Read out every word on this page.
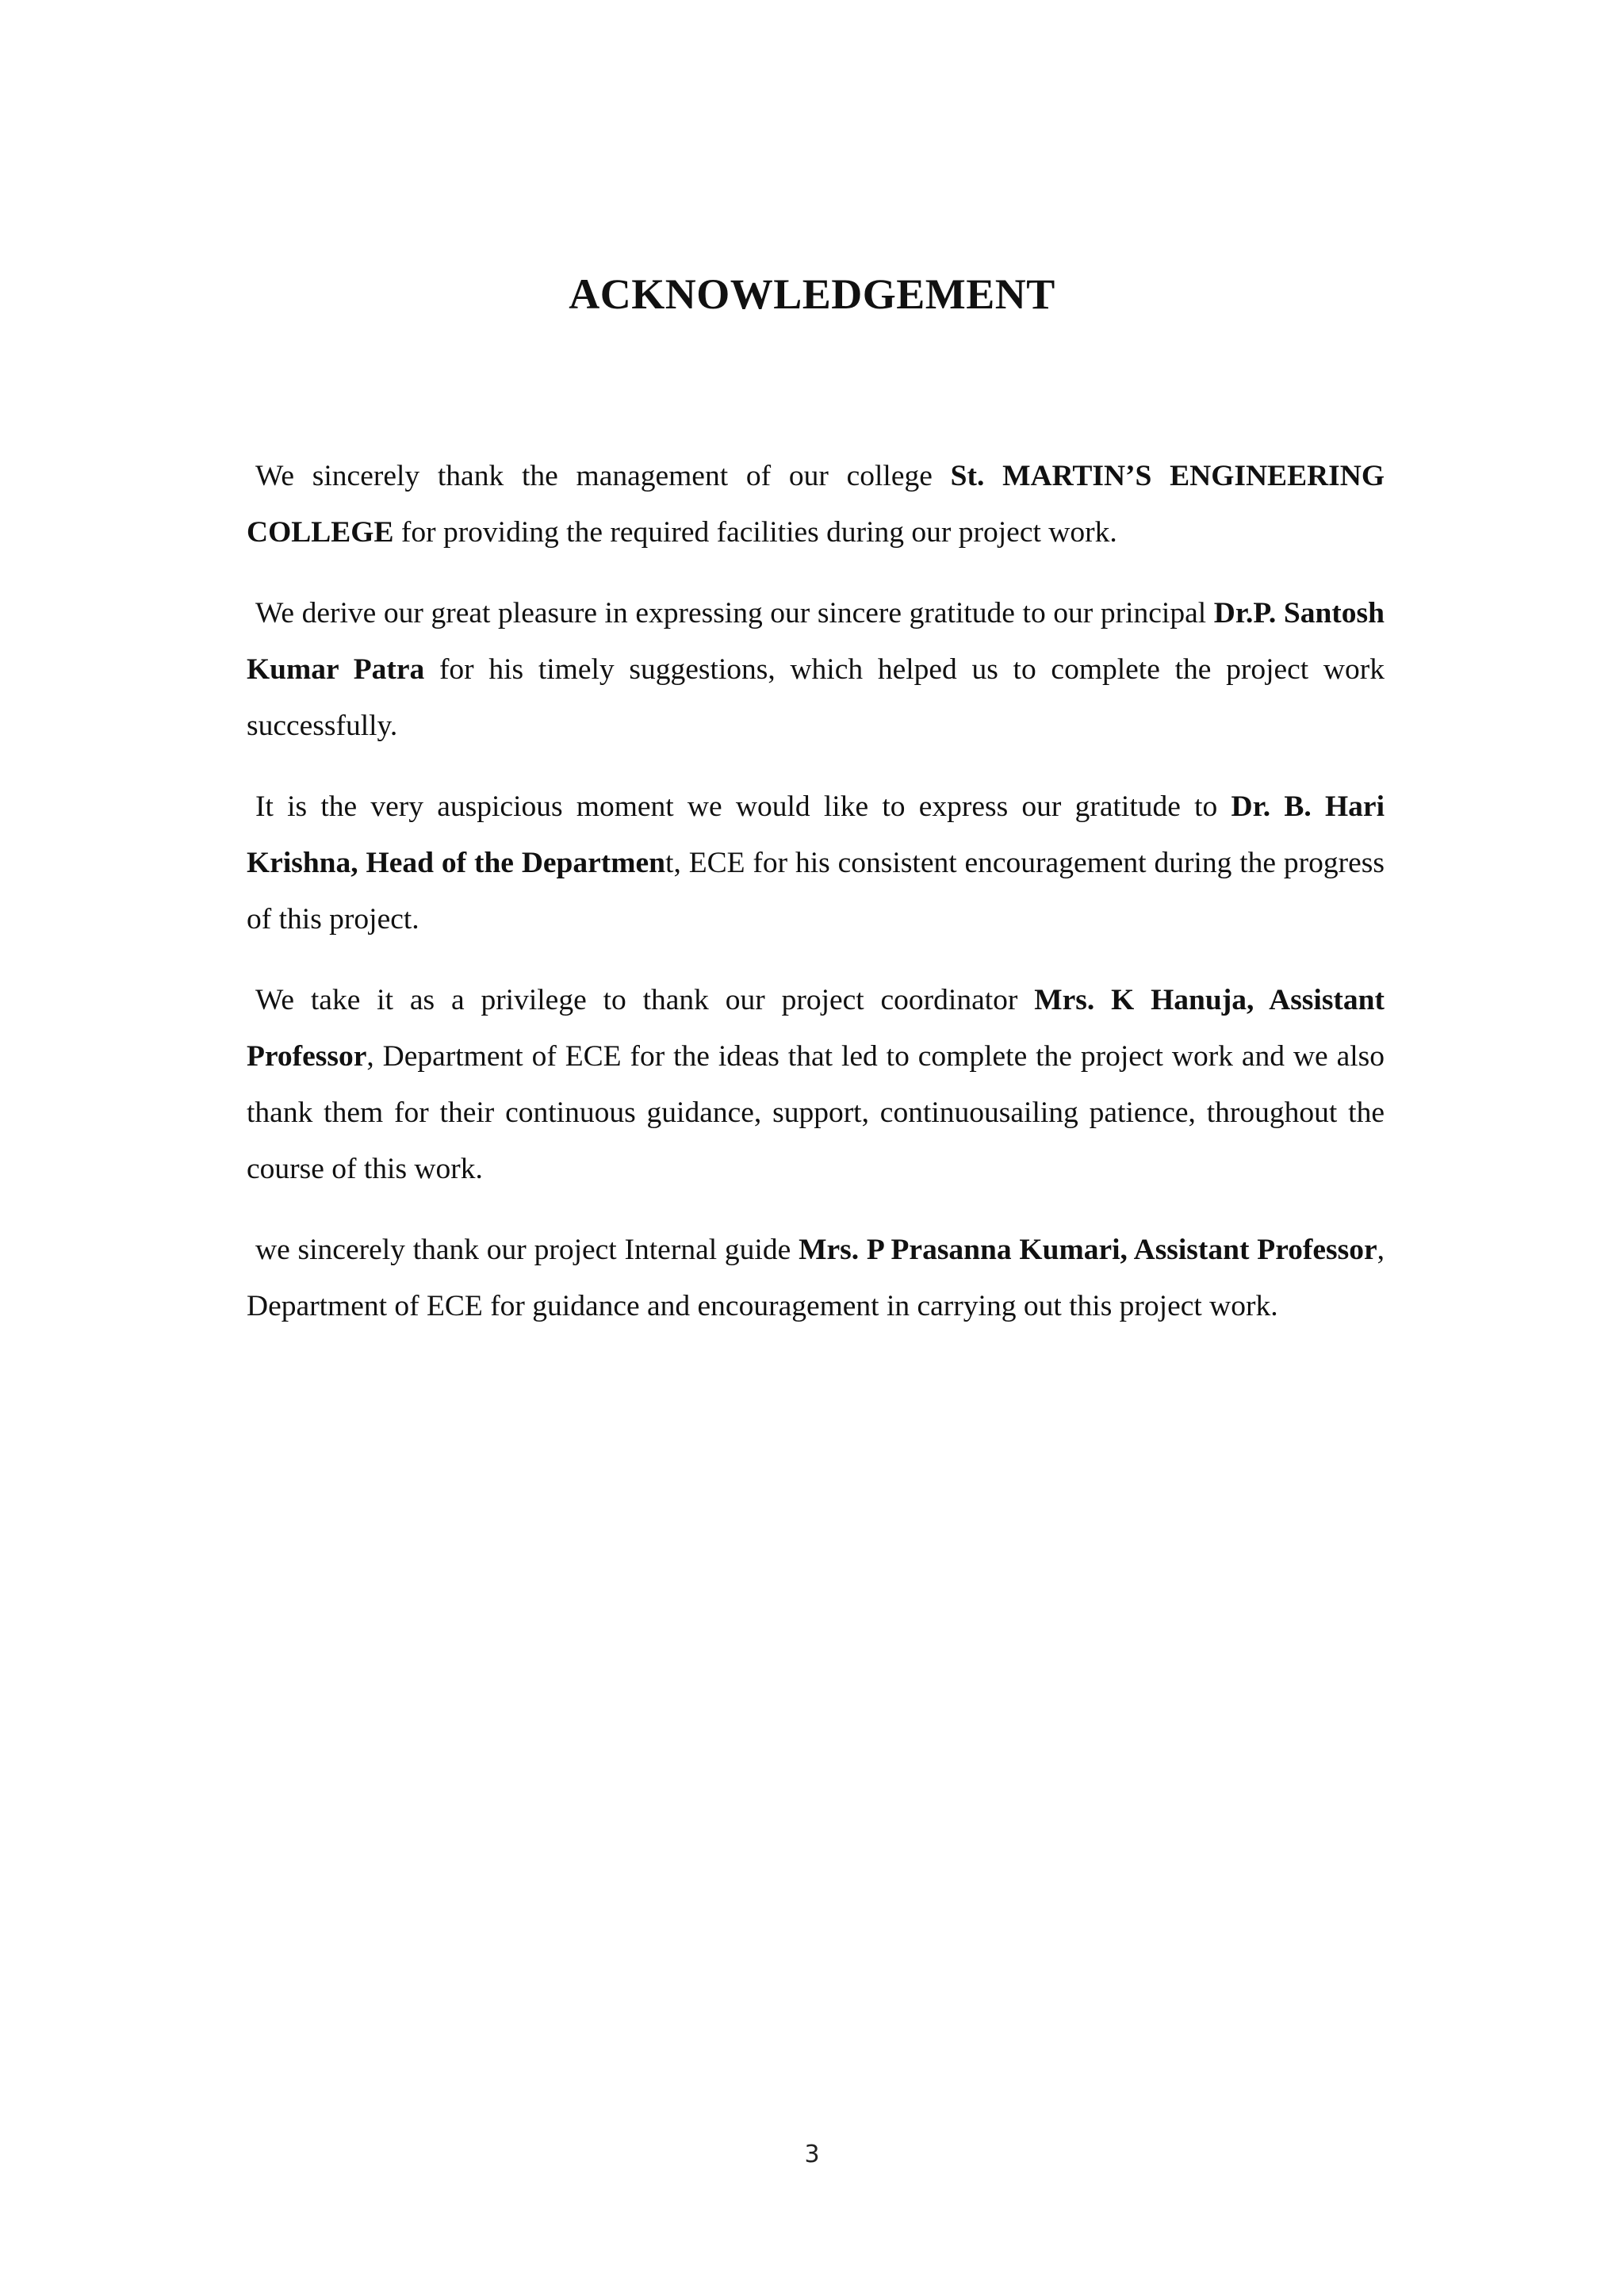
ACKNOWLEDGEMENT

We sincerely thank the management of our college St. MARTIN’S ENGINEERING COLLEGE for providing the required facilities during our project work.

We derive our great pleasure in expressing our sincere gratitude to our principal Dr.P. Santosh Kumar Patra for his timely suggestions, which helped us to complete the project work successfully.

It is the very auspicious moment we would like to express our gratitude to Dr. B. Hari Krishna, Head of the Department, ECE for his consistent encouragement during the progress of this project.

We take it as a privilege to thank our project coordinator Mrs. K Hanuja, Assistant Professor, Department of ECE for the ideas that led to complete the project work and we also thank them for their continuous guidance, support, continuousailing patience, throughout the course of this work.

we sincerely thank our project Internal guide Mrs. P Prasanna Kumari, Assistant Professor, Department of ECE for guidance and encouragement in carrying out this project work.

3
